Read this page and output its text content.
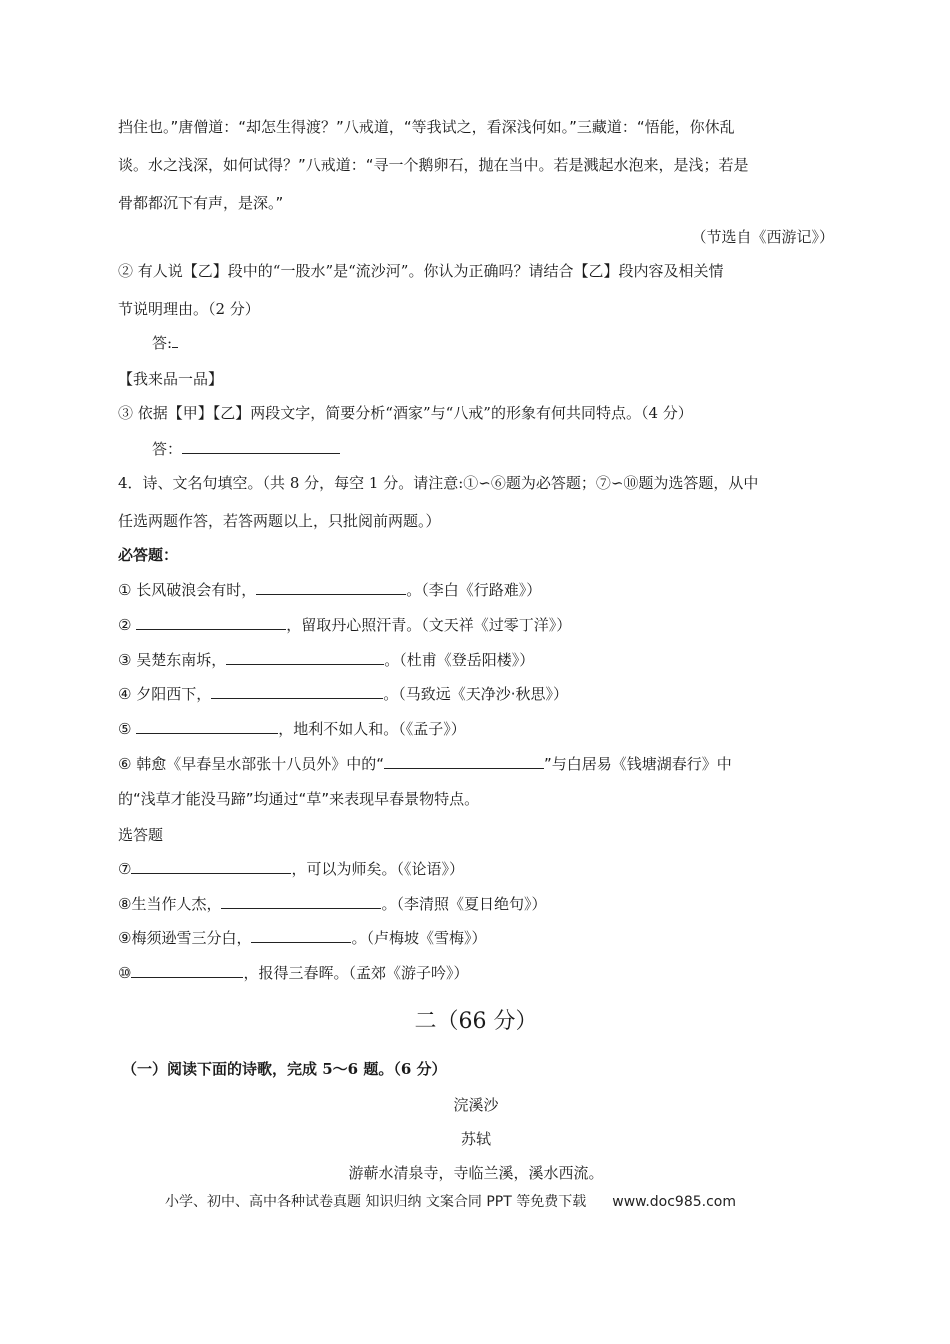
挡住也。”唐僧道：“却怎生得渡？”八戒道，“等我试之，看深浅何如。”三藏道：“悟能，你休乱
谈。水之浅深，如何试得？”八戒道：“寻一个鹅卵石，抛在当中。若是溅起水泡来，是浅；若是
骨都都沉下有声，是深。”
（节选自《西游记》）
② 有人说【乙】段中的“一股水”是“流沙河”。你认为正确吗？请结合【乙】段内容及相关情
节说明理由。（2 分）
答:
【我来品一品】
③ 依据【甲】【乙】两段文字，简要分析“酒家”与“八戒”的形象有何共同特点。（4 分）
答：
4．诗、文名句填空。（共 8 分，每空 1 分。请注意:①∽⑥题为必答题；⑦∽⑩题为选答题，从中
任选两题作答，若答两题以上，只批阅前两题。）
必答题：
① 长风破浪会有时，	。（李白《行路难》）
②	，留取丹心照汗青。（文天祥《过零丁洋》）
③ 吴楚东南坼，	。（杜甫《登岳阳楼》）
④ 夕阳西下，	。（马致远《天净沙·秋思》）
⑤	，地利不如人和。（《孟子》）
⑥ 韩愈《早春呈水部张十八员外》中的“	”与白居易《钱塘湖春行》中
的“浅草才能没马蹄”均通过“草”来表现早春景物特点。
选答题
⑦	，可以为师矣。（《论语》）
⑧生当作人杰，	。（李清照《夏日绝句》）
⑨梅须逊雪三分白，	。（卢梅坡《雪梅》）
⑩	，报得三春晖。（孟郊《游子吟》）
二（66 分）
（一）阅读下面的诗歌，完成 5～6 题。（6 分）
浣溪沙
苏轼
游蕲水清泉寺，寺临兰溪，溪水西流。
小学、初中、高中各种试卷真题 知识归纳 文案合同 PPT 等免费下载 www.doc985.com
